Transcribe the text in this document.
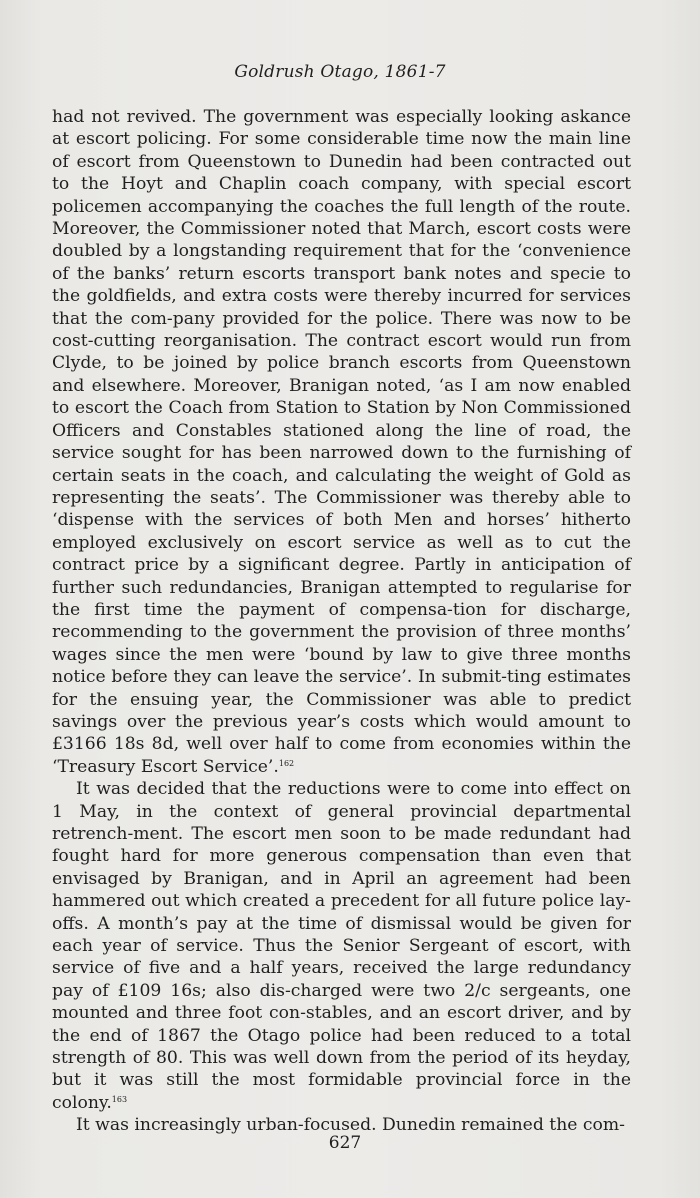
Goldrush Otago, 1861-7

had not revived. The government was especially looking askance at escort policing. For some considerable time now the main line of escort from Queenstown to Dunedin had been contracted out to the Hoyt and Chaplin coach company, with special escort policemen accompanying the coaches the full length of the route. Moreover, the Commissioner noted that March, escort costs were doubled by a longstanding requirement that for the ‘convenience of the banks’ return escorts transport bank notes and specie to the goldfields, and extra costs were thereby incurred for services that the com-pany provided for the police. There was now to be cost-cutting reorganisation. The contract escort would run from Clyde, to be joined by police branch escorts from Queenstown and elsewhere. Moreover, Branigan noted, ‘as I am now enabled to escort the Coach from Station to Station by Non Commissioned Officers and Constables stationed along the line of road, the service sought for has been narrowed down to the furnishing of certain seats in the coach, and calculating the weight of Gold as representing the seats’. The Commissioner was thereby able to ‘dispense with the services of both Men and horses’ hitherto employed exclusively on escort service as well as to cut the contract price by a significant degree. Partly in anticipation of further such redundancies, Branigan attempted to regularise for the first time the payment of compensa-tion for discharge, recommending to the government the provision of three months’ wages since the men were ‘bound by law to give three months notice before they can leave the service’. In submit-ting estimates for the ensuing year, the Commissioner was able to predict savings over the previous year’s costs which would amount to £3166 18s 8d, well over half to come from economies within the ‘Treasury Escort Service’.$^{162}$

It was decided that the reductions were to come into effect on 1 May, in the context of general provincial departmental retrench-ment. The escort men soon to be made redundant had fought hard for more generous compensation than even that envisaged by Branigan, and in April an agreement had been hammered out which created a precedent for all future police lay-offs. A month’s pay at the time of dismissal would be given for each year of service. Thus the Senior Sergeant of escort, with service of five and a half years, received the large redundancy pay of £109 16s; also dis-charged were two 2/c sergeants, one mounted and three foot con-stables, and an escort driver, and by the end of 1867 the Otago police had been reduced to a total strength of 80. This was well down from the period of its heyday, but it was still the most formidable provincial force in the colony.$^{163}$

It was increasingly urban-focused. Dunedin remained the com-

627
